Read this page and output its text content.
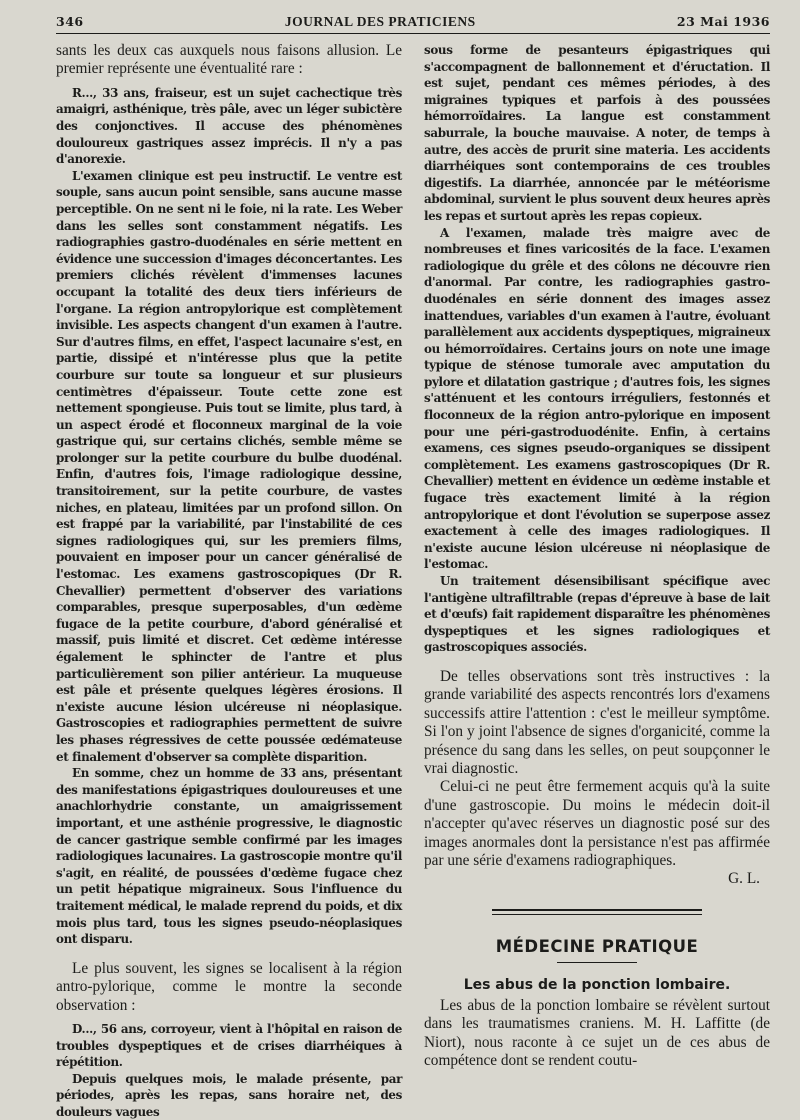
346	JOURNAL DES PRATICIENS	23 Mai 1936

sants les deux cas auxquels nous faisons allusion. Le premier représente une éventualité rare :

R..., 33 ans, fraiseur, est un sujet cachectique très amaigri, asthénique, très pâle, avec un léger subictère des conjonctives. Il accuse des phénomènes douloureux gastriques assez imprécis. Il n'y a pas d'anorexie.

L'examen clinique est peu instructif. Le ventre est souple, sans aucun point sensible, sans aucune masse perceptible. On ne sent ni le foie, ni la rate. Les Weber dans les selles sont constamment négatifs. Les radiographies gastro-duodénales en série mettent en évidence une succession d'images déconcertantes. Les premiers clichés révèlent d'immenses lacunes occupant la totalité des deux tiers inférieurs de l'organe. La région antropylorique est complètement invisible. Les aspects changent d'un examen à l'autre. Sur d'autres films, en effet, l'aspect lacunaire s'est, en partie, dissipé et n'intéresse plus que la petite courbure sur toute sa longueur et sur plusieurs centimètres d'épaisseur. Toute cette zone est nettement spongieuse. Puis tout se limite, plus tard, à un aspect érodé et floconneux marginal de la voie gastrique qui, sur certains clichés, semble même se prolonger sur la petite courbure du bulbe duodénal. Enfin, d'autres fois, l'image radiologique dessine, transitoirement, sur la petite courbure, de vastes niches, en plateau, limitées par un profond sillon. On est frappé par la variabilité, par l'instabilité de ces signes radiologiques qui, sur les premiers films, pouvaient en imposer pour un cancer généralisé de l'estomac. Les examens gastroscopiques (Dr R. Chevallier) permettent d'observer des variations comparables, presque superposables, d'un œdème fugace de la petite courbure, d'abord généralisé et massif, puis limité et discret. Cet œdème intéresse également le sphincter de l'antre et plus particulièrement son pilier antérieur. La muqueuse est pâle et présente quelques légères érosions. Il n'existe aucune lésion ulcéreuse ni néoplasique. Gastroscopies et radiographies permettent de suivre les phases régressives de cette poussée œdémateuse et finalement d'observer sa complète disparition.

En somme, chez un homme de 33 ans, présentant des manifestations épigastriques douloureuses et une anachlorhydrie constante, un amaigrissement important, et une asthénie progressive, le diagnostic de cancer gastrique semble confirmé par les images radiologiques lacunaires. La gastroscopie montre qu'il s'agit, en réalité, de poussées d'œdème fugace chez un petit hépatique migraineux. Sous l'influence du traitement médical, le malade reprend du poids, et dix mois plus tard, tous les signes pseudo-néoplasiques ont disparu.

Le plus souvent, les signes se localisent à la région antro-pylorique, comme le montre la seconde observation :

D..., 56 ans, corroyeur, vient à l'hôpital en raison de troubles dyspeptiques et de crises diarrhéiques à répétition.

Depuis quelques mois, le malade présente, par périodes, après les repas, sans horaire net, des douleurs vagues

sous forme de pesanteurs épigastriques qui s'accompagnent de ballonnement et d'éructation. Il est sujet, pendant ces mêmes périodes, à des migraines typiques et parfois à des poussées hémorroïdaires. La langue est constamment saburrale, la bouche mauvaise. A noter, de temps à autre, des accès de prurit sine materia. Les accidents diarrhéiques sont contemporains de ces troubles digestifs. La diarrhée, annoncée par le météorisme abdominal, survient le plus souvent deux heures après les repas et surtout après les repas copieux.

A l'examen, malade très maigre avec de nombreuses et fines varicosités de la face. L'examen radiologique du grêle et des côlons ne découvre rien d'anormal. Par contre, les radiographies gastro-duodénales en série donnent des images assez inattendues, variables d'un examen à l'autre, évoluant parallèlement aux accidents dyspeptiques, migraineux ou hémorroïdaires. Certains jours on note une image typique de sténose tumorale avec amputation du pylore et dilatation gastrique ; d'autres fois, les signes s'atténuent et les contours irréguliers, festonnés et floconneux de la région antro-pylorique en imposent pour une péri-gastroduodénite. Enfin, à certains examens, ces signes pseudo-organiques se dissipent complètement. Les examens gastroscopiques (Dr R. Chevallier) mettent en évidence un œdème instable et fugace très exactement limité à la région antropylorique et dont l'évolution se superpose assez exactement à celle des images radiologiques. Il n'existe aucune lésion ulcéreuse ni néoplasique de l'estomac.

Un traitement désensibilisant spécifique avec l'antigène ultrafiltrable (repas d'épreuve à base de lait et d'œufs) fait rapidement disparaître les phénomènes dyspeptiques et les signes radiologiques et gastroscopiques associés.

De telles observations sont très instructives : la grande variabilité des aspects rencontrés lors d'examens successifs attire l'attention : c'est le meilleur symptôme. Si l'on y joint l'absence de signes d'organicité, comme la présence du sang dans les selles, on peut soupçonner le vrai diagnostic.

Celui-ci ne peut être fermement acquis qu'à la suite d'une gastroscopie. Du moins le médecin doit-il n'accepter qu'avec réserves un diagnostic posé sur des images anormales dont la persistance n'est pas affirmée par une série d'examens radiographiques.

G. L.

MÉDECINE PRATIQUE

Les abus de la ponction lombaire.

Les abus de la ponction lombaire se révèlent surtout dans les traumatismes craniens. M. H. Laffitte (de Niort), nous raconte à ce sujet un de ces abus de compétence dont se rendent coutu-
